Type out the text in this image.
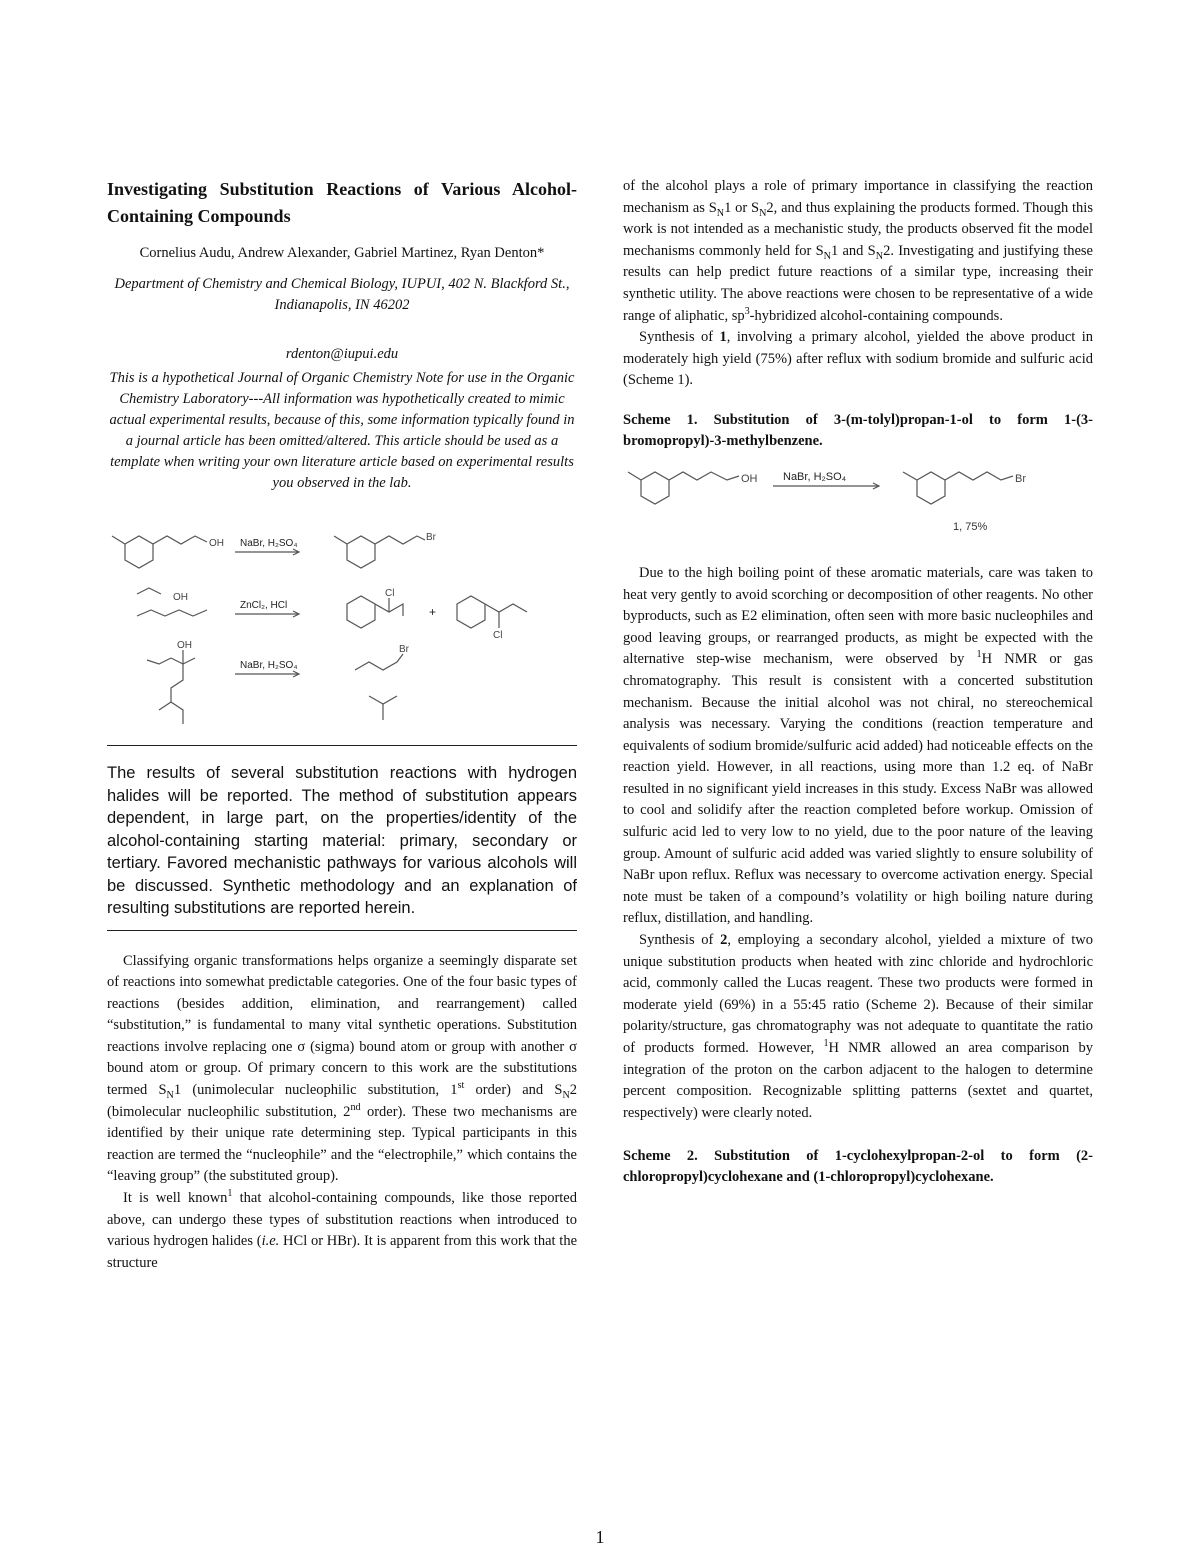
Investigating Substitution Reactions of Various Alcohol-Containing Compounds
Cornelius Audu, Andrew Alexander, Gabriel Martinez, Ryan Denton*
Department of Chemistry and Chemical Biology, IUPUI, 402 N. Blackford St., Indianapolis, IN 46202
rdenton@iupui.edu
This is a hypothetical Journal of Organic Chemistry Note for use in the Organic Chemistry Laboratory---All information was hypothetically created to mimic actual experimental results, because of this, some information typically found in a journal article has been omitted/altered. This article should be used as a template when writing your own literature article based on experimental results you observed in the lab.
OH NaBr, H₂SO₄
Br
OH
ZnCl₂, HCl
Cl
+
Cl
OH
NaBr, H₂SO₄
Br
The results of several substitution reactions with hydrogen halides will be reported. The method of substitution appears dependent, in large part, on the properties/identity of the alcohol-containing starting material: primary, secondary or tertiary. Favored mechanistic pathways for various alcohols will be discussed. Synthetic methodology and an explanation of resulting substitutions are reported herein.

Classifying organic transformations helps organize a seemingly disparate set of reactions into somewhat predictable categories. One of the four basic types of reactions (besides addition, elimination, and rearrangement) called “substitution,” is fundamental to many vital synthetic operations. Substitution reactions involve replacing one σ (sigma) bound atom or group with another σ bound atom or group. Of primary concern to this work are the substitutions termed $S_N1$ (unimolecular nucleophilic substitution, 1st order) and $S_N2$ (bimolecular nucleophilic substitution, 2nd order). These two mechanisms are identified by their unique rate determining step. Typical participants in this reaction are termed the “nucleophile” and the “electrophile,” which contains the “leaving group” (the substituted group).

It is well known$^1$ that alcohol-containing compounds, like those reported above, can undergo these types of substitution reactions when introduced to various hydrogen halides (i.e. HCl or HBr). It is apparent from this work that the structure

of the alcohol plays a role of primary importance in classifying the reaction mechanism as $S_N1$ or $S_N2$, and thus explaining the products formed. Though this work is not intended as a mechanistic study, the products observed fit the model mechanisms commonly held for $S_N1$ and $S_N2$. Investigating and justifying these results can help predict future reactions of a similar type, increasing their synthetic utility. The above reactions were chosen to be representative of a wide range of aliphatic, $sp^3$-hybridized alcohol-containing compounds.

Synthesis of 1, involving a primary alcohol, yielded the above product in moderately high yield (75%) after reflux with sodium bromide and sulfuric acid (Scheme 1).

Scheme 1. Substitution of 3-(m-tolyl)propan-1-ol to form 1-(3-bromopropyl)-3-methylbenzene.
OH NaBr, H₂SO₄	Br
1, 75%

Due to the high boiling point of these aromatic materials, care was taken to heat very gently to avoid scorching or decomposition of other reagents. No other byproducts, such as E2 elimination, often seen with more basic nucleophiles and good leaving groups, or rearranged products, as might be expected with the alternative step-wise mechanism, were observed by $^1$H NMR or gas chromatography. This result is consistent with a concerted substitution mechanism. Because the initial alcohol was not chiral, no stereochemical analysis was necessary. Varying the conditions (reaction temperature and equivalents of sodium bromide/sulfuric acid added) had noticeable effects on the reaction yield. However, in all reactions, using more than 1.2 eq. of NaBr resulted in no significant yield increases in this study. Excess NaBr was allowed to cool and solidify after the reaction completed before workup. Omission of sulfuric acid led to very low to no yield, due to the poor nature of the leaving group. Amount of sulfuric acid added was varied slightly to ensure solubility of NaBr upon reflux. Reflux was necessary to overcome activation energy. Special note must be taken of a compound’s volatility or high boiling nature during reflux, distillation, and handling.

Synthesis of 2, employing a secondary alcohol, yielded a mixture of two unique substitution products when heated with zinc chloride and hydrochloric acid, commonly called the Lucas reagent. These two products were formed in moderate yield (69%) in a 55:45 ratio (Scheme 2). Because of their similar polarity/structure, gas chromatography was not adequate to quantitate the ratio of products formed. However, $^1$H NMR allowed an area comparison by integration of the proton on the carbon adjacent to the halogen to determine percent composition. Recognizable splitting patterns (sextet and quartet, respectively) were clearly noted.

Scheme 2. Substitution of 1-cyclohexylpropan-2-ol to form (2-chloropropyl)cyclohexane and (1-chloropropyl)cyclohexane.
1
